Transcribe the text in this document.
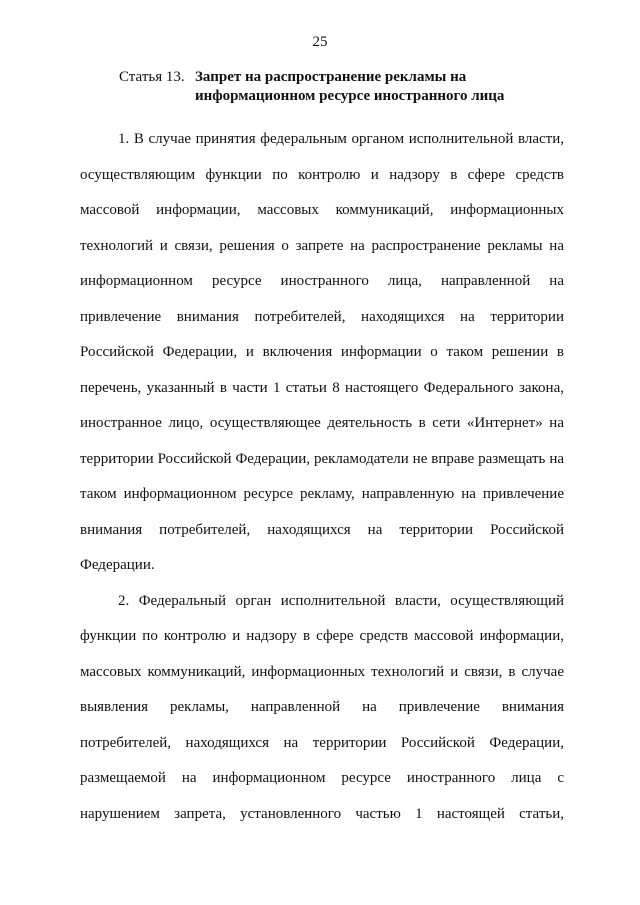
25
Статья 13. Запрет на распространение рекламы на
информационном ресурсе иностранного лица
1. В случае принятия федеральным органом исполнительной власти,
осуществляющим функции по контролю и надзору в сфере средств
массовой информации, массовых коммуникаций, информационных
технологий и связи, решения о запрете на распространение рекламы на
информационном ресурсе иностранного лица, направленной на
привлечение внимания потребителей, находящихся на территории
Российской Федерации, и включения информации о таком решении в
перечень, указанный в части 1 статьи 8 настоящего Федерального закона,
иностранное лицо, осуществляющее деятельность в сети «Интернет» на
территории Российской Федерации, рекламодатели не вправе размещать на
таком информационном ресурсе рекламу, направленную на привлечение
внимания потребителей, находящихся на территории Российской
Федерации.
2. Федеральный орган исполнительной власти, осуществляющий
функции по контролю и надзору в сфере средств массовой информации,
массовых коммуникаций, информационных технологий и связи, в случае
выявления рекламы, направленной на привлечение внимания
потребителей, находящихся на территории Российской Федерации,
размещаемой на информационном ресурсе иностранного лица с
нарушением запрета, установленного частью 1 настоящей статьи,
